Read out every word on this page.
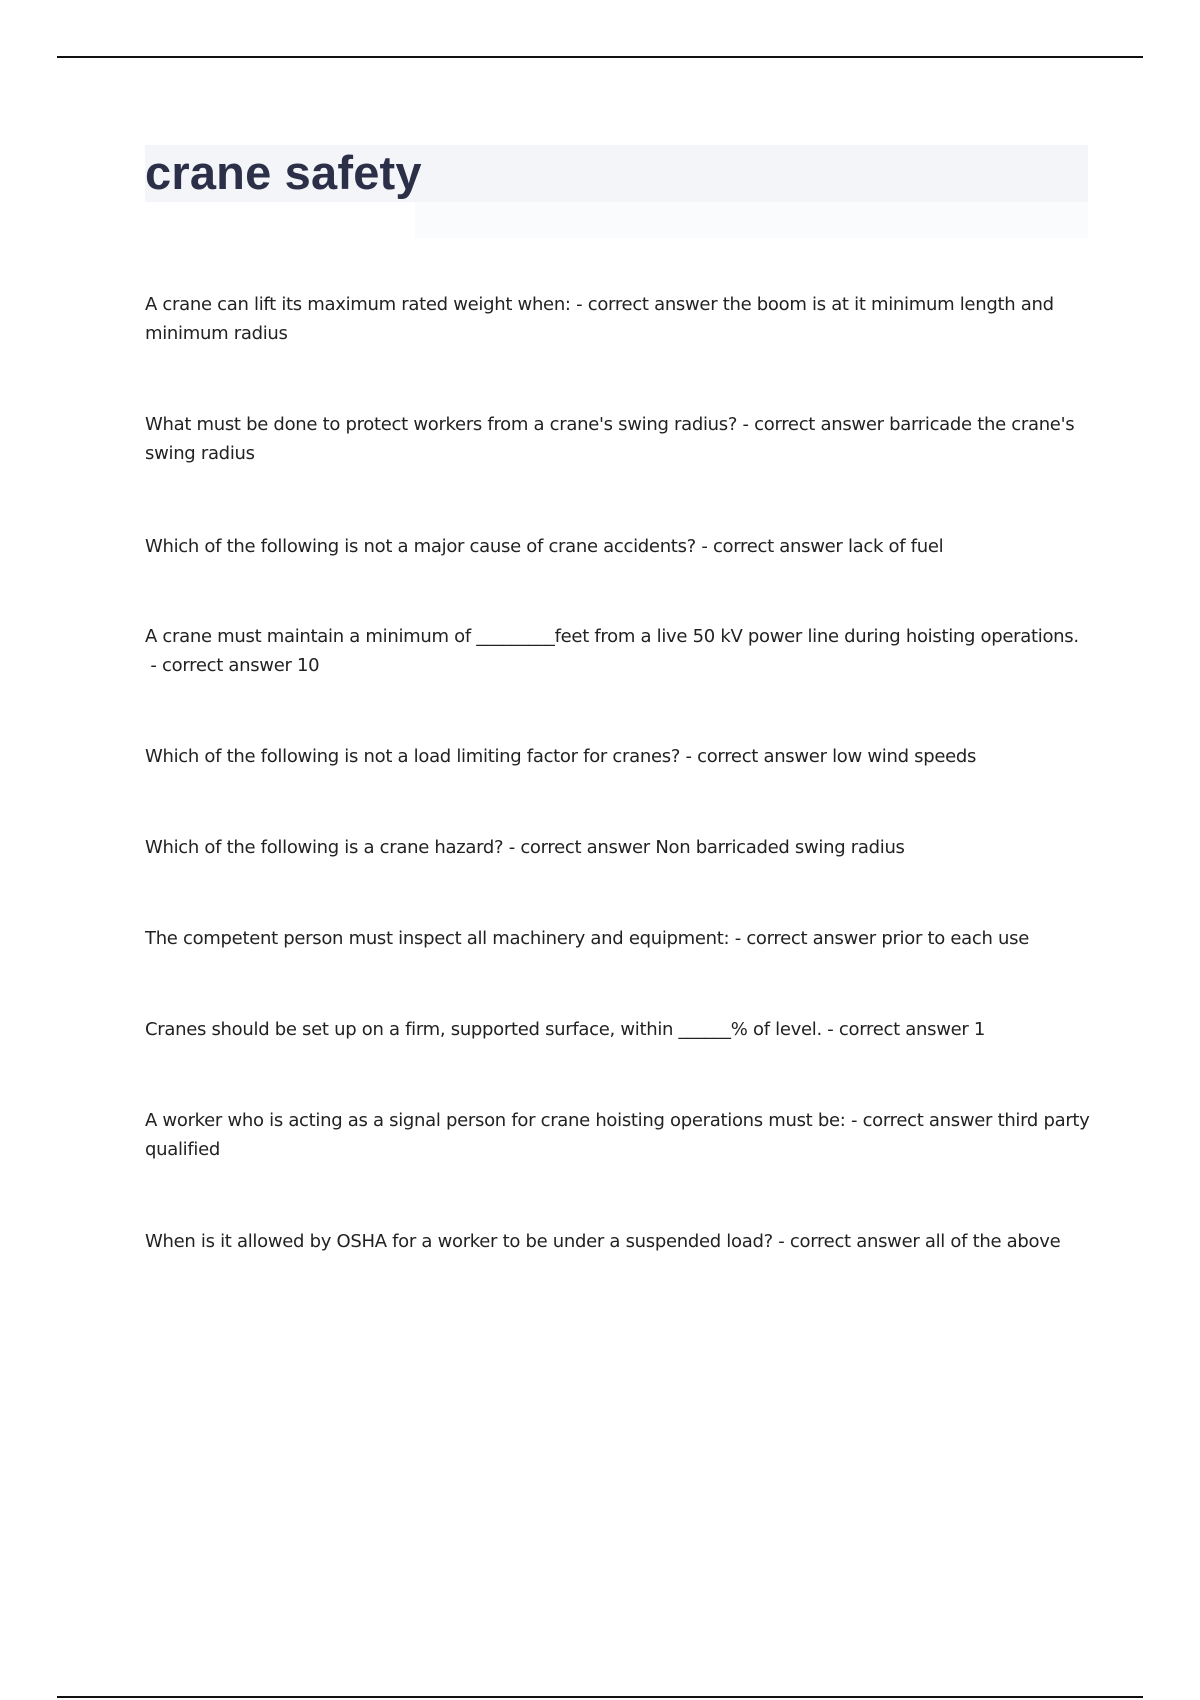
crane safety

A crane can lift its maximum rated weight when: - correct answer the boom is at it minimum length and minimum radius

What must be done to protect workers from a crane's swing radius? - correct answer barricade the crane's swing radius

Which of the following is not a major cause of crane accidents? - correct answer lack of fuel

A crane must maintain a minimum of _________feet from a live 50 kV power line during hoisting operations. - correct answer 10

Which of the following is not a load limiting factor for cranes? - correct answer low wind speeds

Which of the following is a crane hazard? - correct answer Non barricaded swing radius

The competent person must inspect all machinery and equipment: - correct answer prior to each use

Cranes should be set up on a firm, supported surface, within ______% of level. - correct answer 1

A worker who is acting as a signal person for crane hoisting operations must be: - correct answer third party qualified

When is it allowed by OSHA for a worker to be under a suspended load? - correct answer all of the above
